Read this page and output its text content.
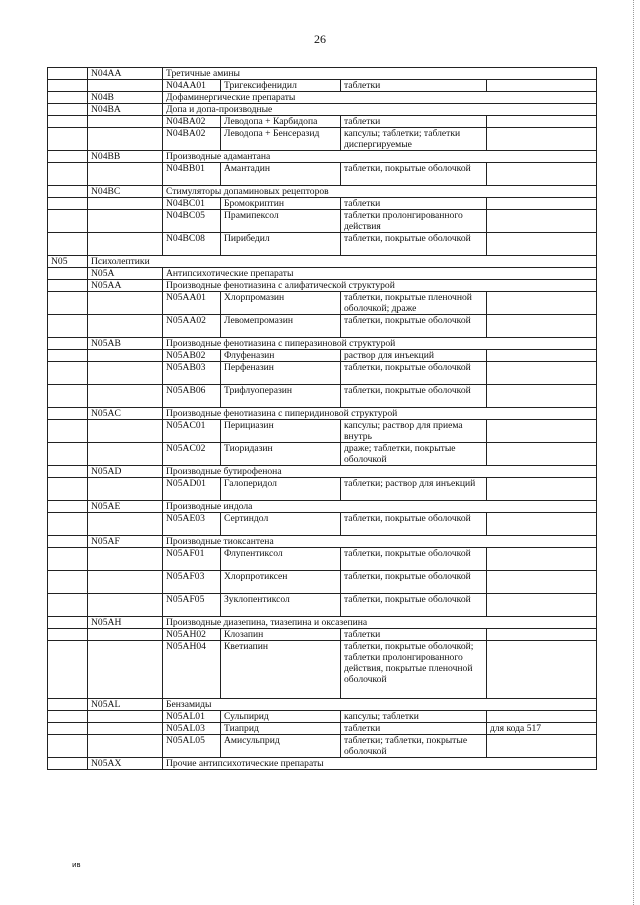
26
	N04AA	Третичные амины			
		N04AA01	Тригексифенидил	таблетки	
	N04B	Дофаминергические препараты			
	N04BA	Допа и допа-производные			
		N04BA02	Леводопа + Карбидопа	таблетки	
		N04BA02	Леводопа + Бенсеразид	капсулы; таблетки; таблетки диспергируемые	
	N04BB	Производные адамантана			
		N04BB01	Амантадин	таблетки, покрытые оболочкой	
	N04BC	Стимуляторы допаминовых рецепторов			
		N04BC01	Бромокриптин	таблетки	
		N04BC05	Прамипексол	таблетки пролонгированного действия	
		N04BC08	Пирибедил	таблетки, покрытые оболочкой	
N05	Психолептики				
	N05A	Антипсихотические препараты			
	N05AA	Производные фенотиазина с алифатической структурой			
		N05AA01	Хлорпромазин	таблетки, покрытые пленочной оболочкой; драже	
		N05AA02	Левомепромазин	таблетки, покрытые оболочкой	
	N05AB	Производные фенотиазина с пиперазиновой структурой			
		N05AB02	Флуфеназин	раствор для инъекций	
		N05AB03	Перфеназин	таблетки, покрытые оболочкой	
		N05AB06	Трифлуоперазин	таблетки, покрытые оболочкой	
	N05AC	Производные фенотиазина с пиперидиновой структурой			
		N05AC01	Перициазин	капсулы; раствор для приема внутрь	
		N05AC02	Тиоридазин	драже; таблетки, покрытые оболочкой	
	N05AD	Производные бутирофенона			
		N05AD01	Галоперидол	таблетки; раствор для инъекций	
	N05AE	Производные индола			
		N05AE03	Сертиндол	таблетки, покрытые оболочкой	
	N05AF	Производные тиоксантена			
		N05AF01	Флупентиксол	таблетки, покрытые оболочкой	
		N05AF03	Хлорпротиксен	таблетки, покрытые оболочкой	
		N05AF05	Зуклопентиксол	таблетки, покрытые оболочкой	
	N05AH	Производные диазепина, тиазепина и оксазепина			
		N05AH02	Клозапин	таблетки	
		N05AH04	Кветиапин	таблетки, покрытые оболочкой; таблетки пролонгированного действия, покрытые пленочной оболочкой	
	N05AL	Бензамиды			
		N05AL01	Сульпирид	капсулы; таблетки	
		N05AL03	Тиаприд	таблетки	для кода 517
		N05AL05	Амисульприд	таблетки; таблетки, покрытые оболочкой	
	N05AX	Прочие антипсихотические препараты			
ив
